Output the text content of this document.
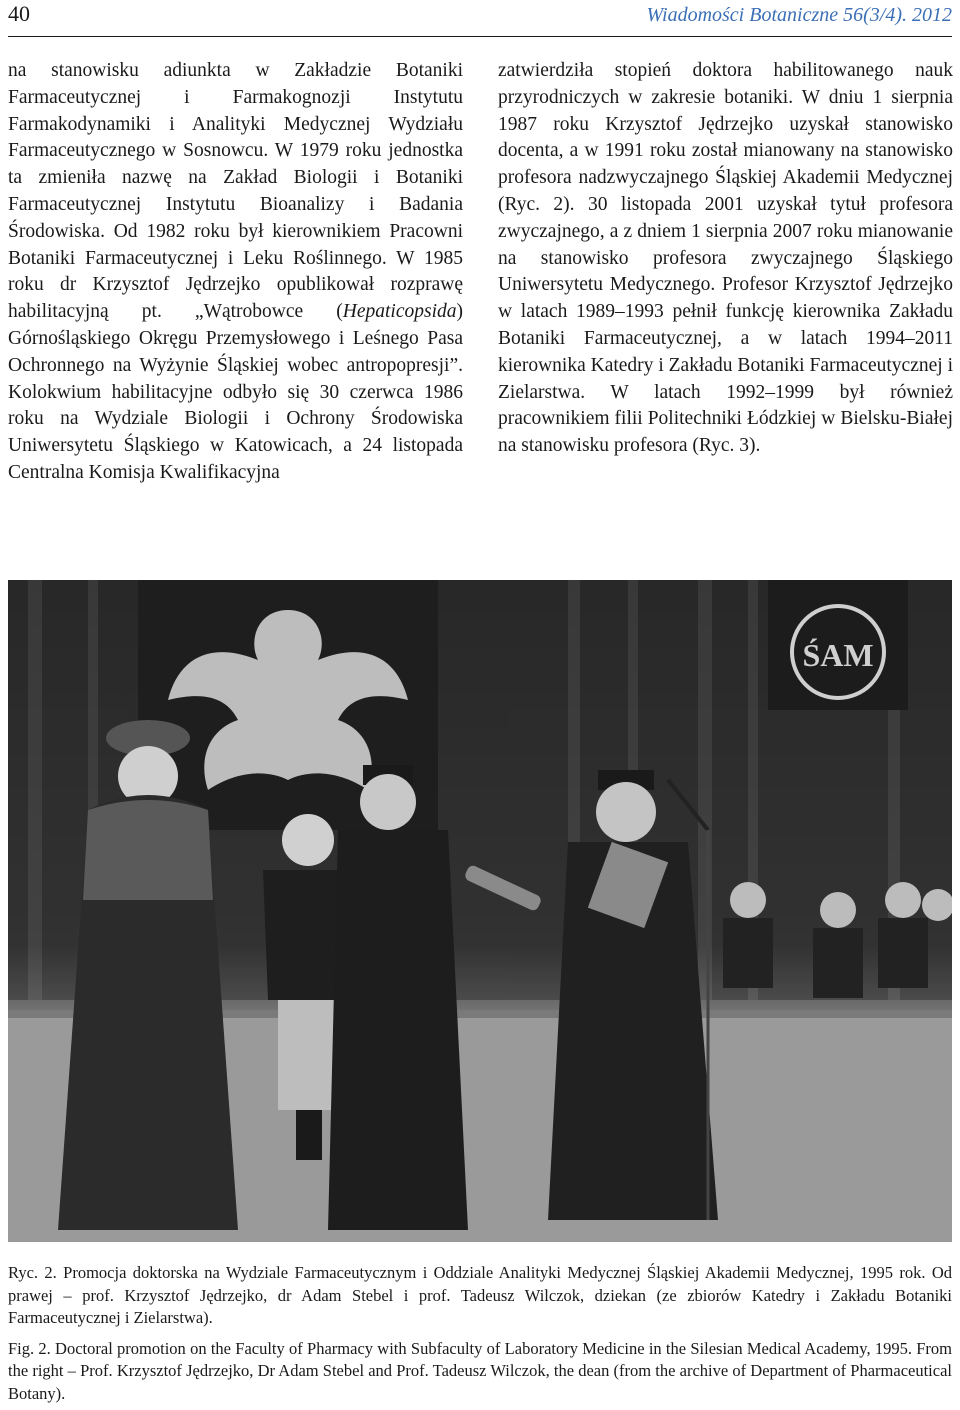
40	Wiadomości Botaniczne 56(3/4). 2012

na stanowisku adiunkta w Zakładzie Botaniki Farmaceutycznej i Farmakognozji Instytutu Farmakodynamiki i Analityki Medycznej Wydziału Farmaceutycznego w Sosnowcu. W 1979 roku jednostka ta zmieniła nazwę na Zakład Biologii i Botaniki Farmaceutycznej Instytutu Bioanalizy i Badania Środowiska. Od 1982 roku był kierownikiem Pracowni Botaniki Farmaceutycznej i Leku Roślinnego. W 1985 roku dr Krzysztof Jędrzejko opublikował rozprawę habilitacyjną pt. „Wątrobowce (Hepaticopsida) Górnośląskiego Okręgu Przemysłowego i Leśnego Pasa Ochronnego na Wyżynie Śląskiej wobec antropopresji”. Kolokwium habilitacyjne odbyło się 30 czerwca 1986 roku na Wydziale Biologii i Ochrony Środowiska Uniwersytetu Śląskiego w Katowicach, a 24 listopada Centralna Komisja Kwalifikacyjna

zatwierdziła stopień doktora habilitowanego nauk przyrodniczych w zakresie botaniki. W dniu 1 sierpnia 1987 roku Krzysztof Jędrzejko uzyskał stanowisko docenta, a w 1991 roku został mianowany na stanowisko profesora nadzwyczajnego Śląskiej Akademii Medycznej (Ryc. 2). 30 listopada 2001 uzyskał tytuł profesora zwyczajnego, a z dniem 1 sierpnia 2007 roku mianowanie na stanowisko profesora zwyczajnego Śląskiego Uniwersytetu Medycznego. Profesor Krzysztof Jędrzejko w latach 1989–1993 pełnił funkcję kierownika Zakładu Botaniki Farmaceutycznej, a w latach 1994–2011 kierownika Katedry i Zakładu Botaniki Farmaceutycznej i Zielarstwa. W latach 1992–1999 był również pracownikiem filii Politechniki Łódzkiej w Bielsku-Białej na stanowisku profesora (Ryc. 3).

ŚAM

Ryc. 2. Promocja doktorska na Wydziale Farmaceutycznym i Oddziale Analityki Medycznej Śląskiej Akademii Medycznej, 1995 rok. Od prawej – prof. Krzysztof Jędrzejko, dr Adam Stebel i prof. Tadeusz Wilczok, dziekan (ze zbiorów Katedry i Zakładu Botaniki Farmaceutycznej i Zielarstwa).

Fig. 2. Doctoral promotion on the Faculty of Pharmacy with Subfaculty of Laboratory Medicine in the Silesian Medical Academy, 1995. From the right – Prof. Krzysztof Jędrzejko, Dr Adam Stebel and Prof. Tadeusz Wilczok, the dean (from the archive of Department of Pharmaceutical Botany).
